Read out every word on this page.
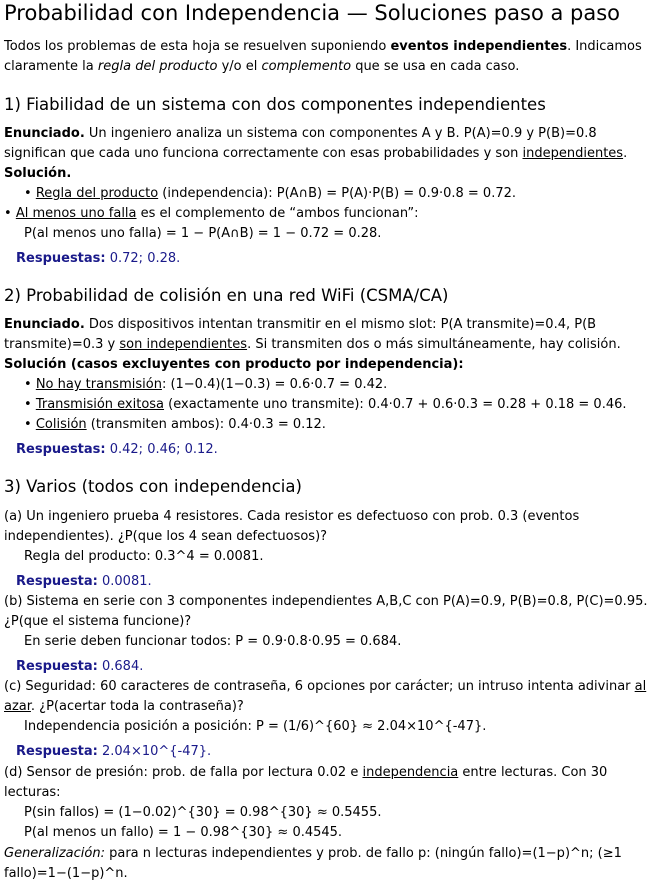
Probabilidad con Independencia — Soluciones paso a paso
Todos los problemas de esta hoja se resuelven suponiendo eventos independientes. Indicamos
claramente la regla del producto y/o el complemento que se usa en cada caso.
1) Fiabilidad de un sistema con dos componentes independientes
Enunciado. Un ingeniero analiza un sistema con componentes A y B. P(A)=0.9 y P(B)=0.8
significan que cada uno funciona correctamente con esas probabilidades y son independientes.
Solución.
• Regla del producto (independencia): P(A∩B) = P(A)·P(B) = 0.9·0.8 = 0.72.
• Al menos uno falla es el complemento de “ambos funcionan”:
P(al menos uno falla) = 1 − P(A∩B) = 1 − 0.72 = 0.28.
Respuestas: 0.72; 0.28.
2) Probabilidad de colisión en una red WiFi (CSMA/CA)
Enunciado. Dos dispositivos intentan transmitir en el mismo slot: P(A transmite)=0.4, P(B
transmite)=0.3 y son independientes. Si transmiten dos o más simultáneamente, hay colisión.
Solución (casos excluyentes con producto por independencia):
• No hay transmisión: (1−0.4)(1−0.3) = 0.6·0.7 = 0.42.
• Transmisión exitosa (exactamente uno transmite): 0.4·0.7 + 0.6·0.3 = 0.28 + 0.18 = 0.46.
• Colisión (transmiten ambos): 0.4·0.3 = 0.12.
Respuestas: 0.42; 0.46; 0.12.
3) Varios (todos con independencia)
(a) Un ingeniero prueba 4 resistores. Cada resistor es defectuoso con prob. 0.3 (eventos
independientes). ¿P(que los 4 sean defectuosos)?
Regla del producto: 0.3^4 = 0.0081.
Respuesta: 0.0081.
(b) Sistema en serie con 3 componentes independientes A,B,C con P(A)=0.9, P(B)=0.8, P(C)=0.95.
¿P(que el sistema funcione)?
En serie deben funcionar todos: P = 0.9·0.8·0.95 = 0.684.
Respuesta: 0.684.
(c) Seguridad: 60 caracteres de contraseña, 6 opciones por carácter; un intruso intenta adivinar al
azar. ¿P(acertar toda la contraseña)?
Independencia posición a posición: P = (1/6)^{60} ≈ 2.04×10^{-47}.
Respuesta: 2.04×10^{-47}.
(d) Sensor de presión: prob. de falla por lectura 0.02 e independencia entre lecturas. Con 30
lecturas:
P(sin fallos) = (1−0.02)^{30} = 0.98^{30} ≈ 0.5455.
P(al menos un fallo) = 1 − 0.98^{30} ≈ 0.4545.
Generalización: para n lecturas independientes y prob. de fallo p: (ningún fallo)=(1−p)^n; (≥1
fallo)=1−(1−p)^n.
